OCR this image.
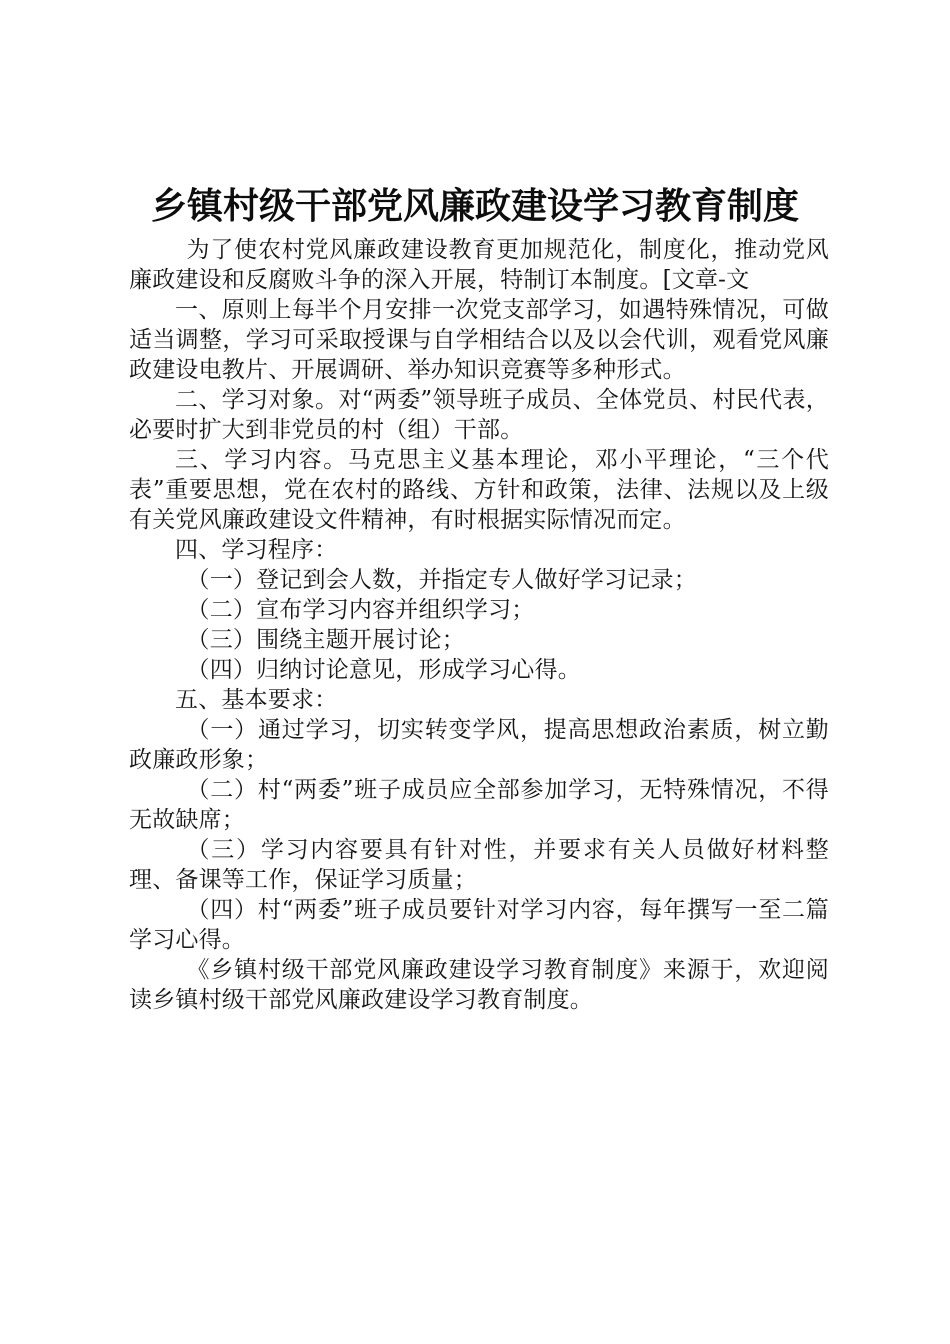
乡镇村级干部党风廉政建设学习教育制度

为了使农村党风廉政建设教育更加规范化，制度化，推动党风廉政建设和反腐败斗争的深入开展，特制订本制度。[文章-文

一、原则上每半个月安排一次党支部学习，如遇特殊情况，可做适当调整，学习可采取授课与自学相结合以及以会代训，观看党风廉政建设电教片、开展调研、举办知识竞赛等多种形式。

二、学习对象。对“两委”领导班子成员、全体党员、村民代表，必要时扩大到非党员的村（组）干部。

三、学习内容。马克思主义基本理论，邓小平理论，“三个代表”重要思想，党在农村的路线、方针和政策，法律、法规以及上级有关党风廉政建设文件精神，有时根据实际情况而定。

四、学习程序：

（一）登记到会人数，并指定专人做好学习记录；

（二）宣布学习内容并组织学习；

（三）围绕主题开展讨论；

（四）归纳讨论意见，形成学习心得。

五、基本要求：

（一）通过学习，切实转变学风，提高思想政治素质，树立勤政廉政形象；

（二）村“两委”班子成员应全部参加学习，无特殊情况，不得无故缺席；

（三）学习内容要具有针对性，并要求有关人员做好材料整理、备课等工作，保证学习质量；

（四）村“两委”班子成员要针对学习内容，每年撰写一至二篇学习心得。

《乡镇村级干部党风廉政建设学习教育制度》来源于，欢迎阅读乡镇村级干部党风廉政建设学习教育制度。
